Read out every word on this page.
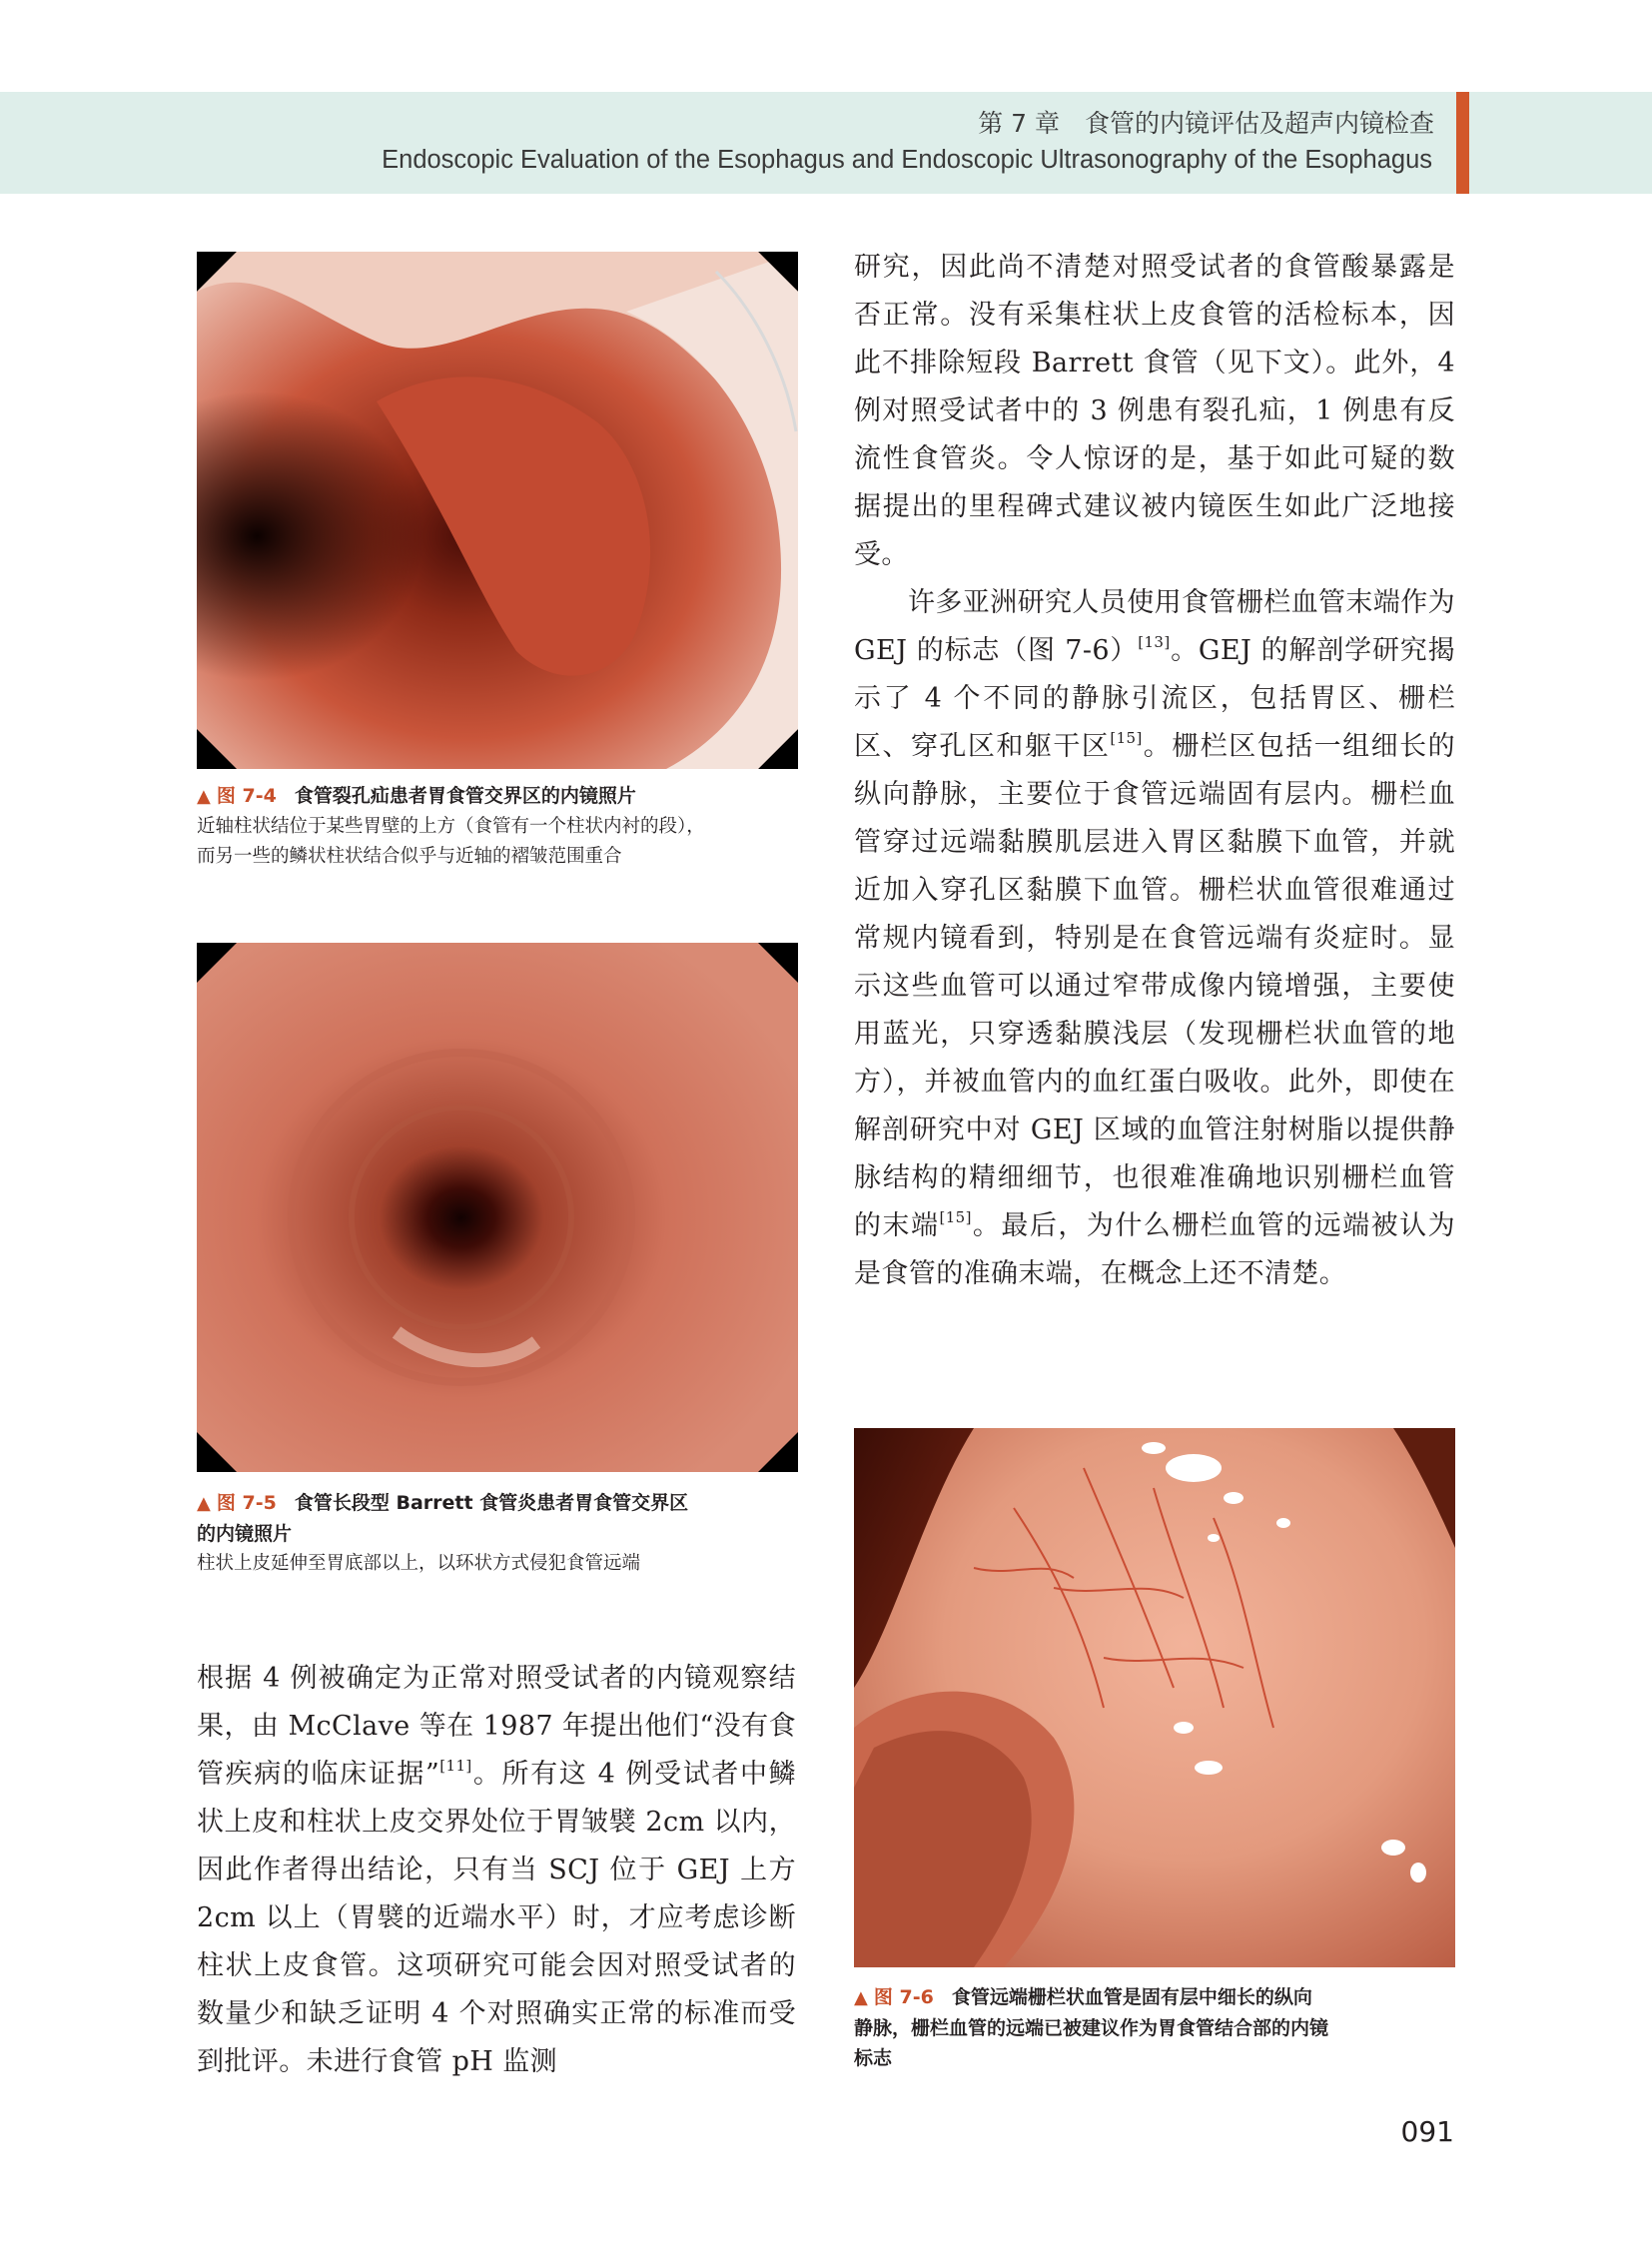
第 7 章　食管的内镜评估及超声内镜检查
Endoscopic Evaluation of the Esophagus and Endoscopic Ultrasonography of the Esophagus
▲ 图 7-4 食管裂孔疝患者胃食管交界区的内镜照片
近轴柱状结位于某些胃壁的上方（食管有一个柱状内衬的段），
而另一些的鳞状柱状结合似乎与近轴的褶皱范围重合
▲ 图 7-5 食管长段型 Barrett 食管炎患者胃食管交界区
的内镜照片
柱状上皮延伸至胃底部以上，以环状方式侵犯食管远端

根据 4 例被确定为正常对照受试者的内镜观察结果，由 McClave 等在 1987 年提出他们“没有食管疾病的临床证据”[11]。所有这 4 例受试者中鳞状上皮和柱状上皮交界处位于胃皱襞 2cm 以内，因此作者得出结论，只有当 SCJ 位于 GEJ 上方 2cm 以上（胃襞的近端水平）时，才应考虑诊断柱状上皮食管。这项研究可能会因对照受试者的数量少和缺乏证明 4 个对照确实正常的标准而受到批评。未进行食管 pH 监测

研究，因此尚不清楚对照受试者的食管酸暴露是否正常。没有采集柱状上皮食管的活检标本，因此不排除短段 Barrett 食管（见下文）。此外，4 例对照受试者中的 3 例患有裂孔疝，1 例患有反流性食管炎。令人惊讶的是，基于如此可疑的数据提出的里程碑式建议被内镜医生如此广泛地接受。

许多亚洲研究人员使用食管栅栏血管末端作为 GEJ 的标志（图 7-6）[13]。GEJ 的解剖学研究揭示了 4 个不同的静脉引流区，包括胃区、栅栏区、穿孔区和躯干区[15]。栅栏区包括一组细长的纵向静脉，主要位于食管远端固有层内。栅栏血管穿过远端黏膜肌层进入胃区黏膜下血管，并就近加入穿孔区黏膜下血管。栅栏状血管很难通过常规内镜看到，特别是在食管远端有炎症时。显示这些血管可以通过窄带成像内镜增强，主要使用蓝光，只穿透黏膜浅层（发现栅栏状血管的地方），并被血管内的血红蛋白吸收。此外，即使在解剖研究中对 GEJ 区域的血管注射树脂以提供静脉结构的精细细节，也很难准确地识别栅栏血管的末端[15]。最后，为什么栅栏血管的远端被认为是食管的准确末端，在概念上还不清楚。

▲ 图 7-6 食管远端栅栏状血管是固有层中细长的纵向
静脉，栅栏血管的远端已被建议作为胃食管结合部的内镜
标志
091
